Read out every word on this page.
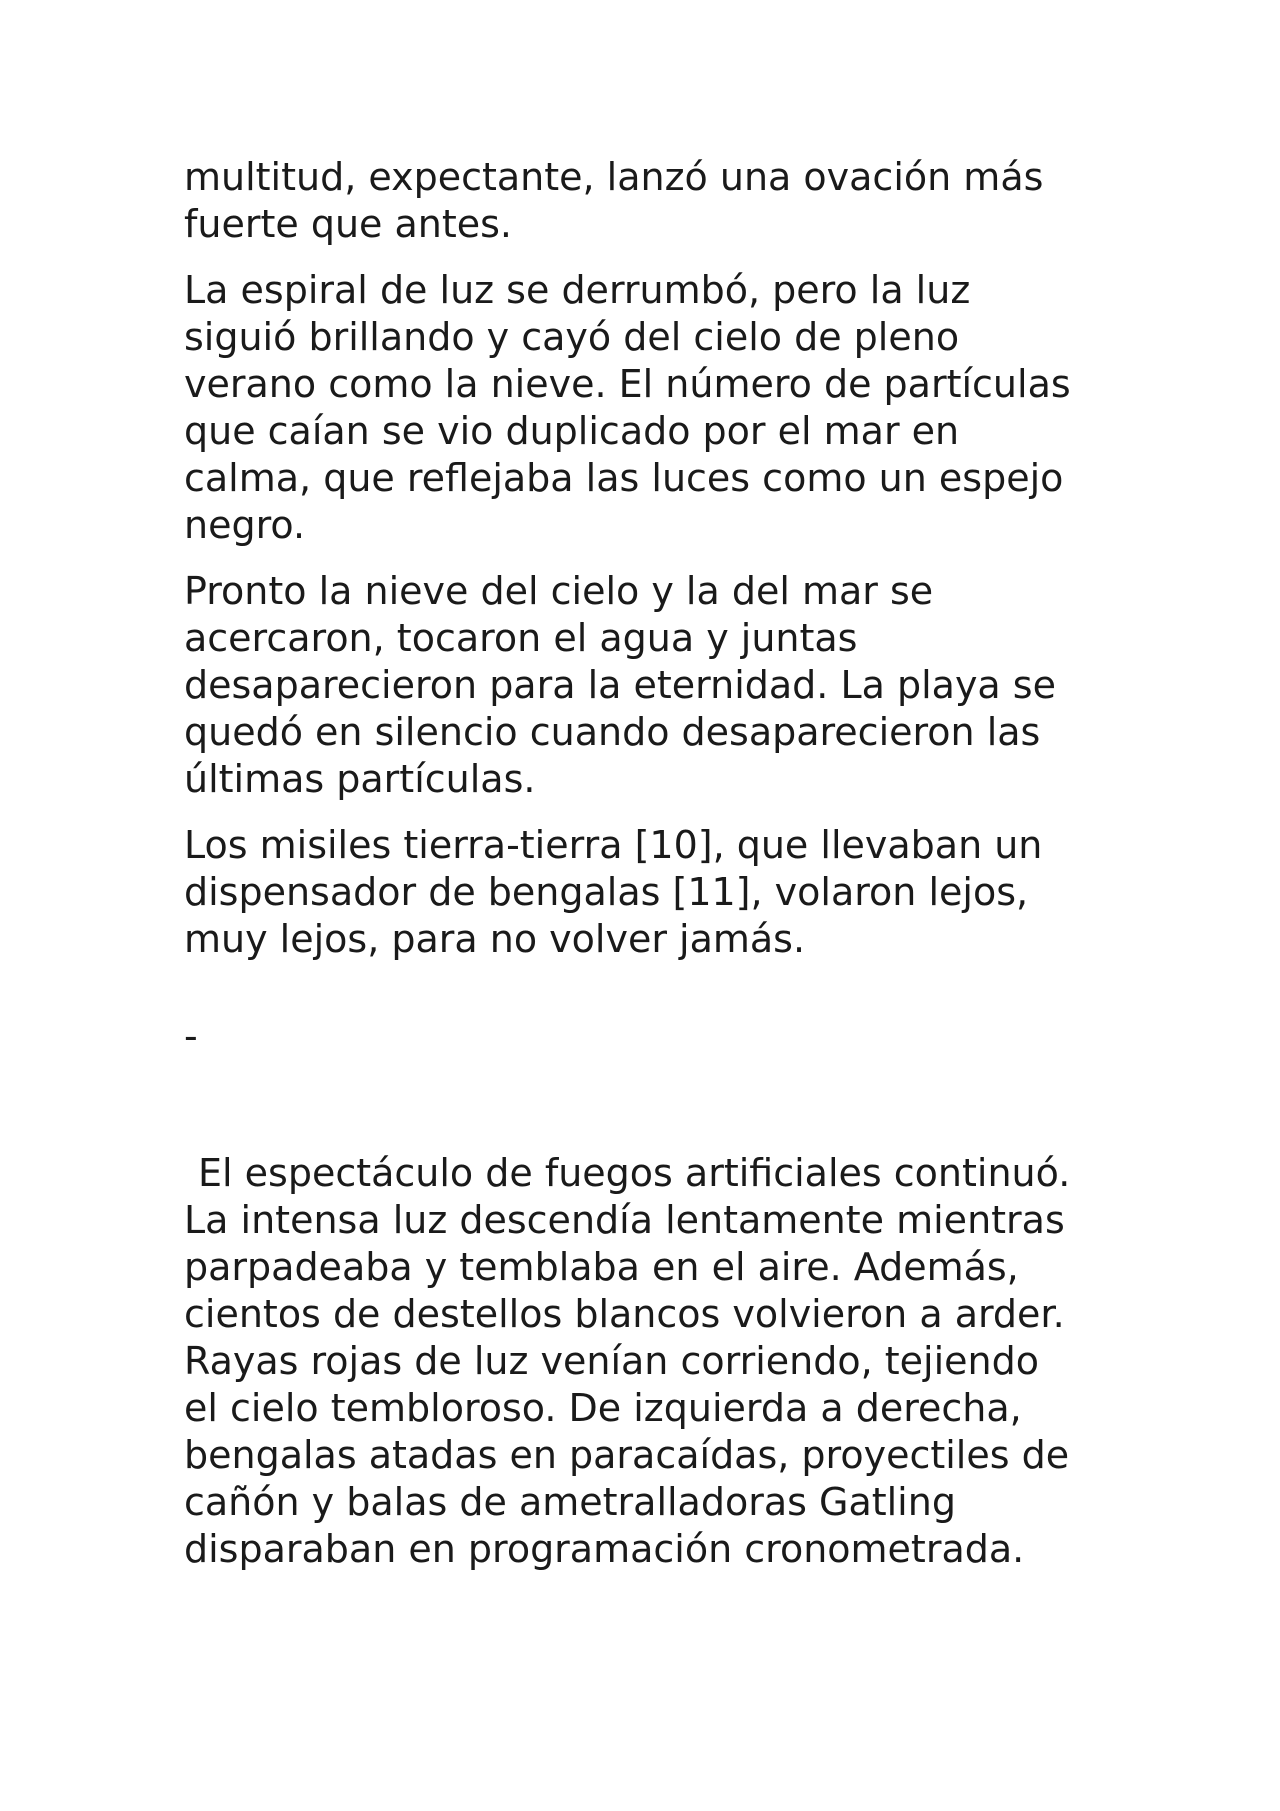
multitud, expectante, lanzó una ovación más
fuerte que antes.

La espiral de luz se derrumbó, pero la luz
siguió brillando y cayó del cielo de pleno
verano como la nieve. El número de partículas
que caían se vio duplicado por el mar en
calma, que reflejaba las luces como un espejo
negro.

Pronto la nieve del cielo y la del mar se
acercaron, tocaron el agua y juntas
desaparecieron para la eternidad. La playa se
quedó en silencio cuando desaparecieron las
últimas partículas.

Los misiles tierra-tierra [10], que llevaban un
dispensador de bengalas [11], volaron lejos,
muy lejos, para no volver jamás.

-

El espectáculo de fuegos artificiales continuó.
La intensa luz descendía lentamente mientras
parpadeaba y temblaba en el aire. Además,
cientos de destellos blancos volvieron a arder.
Rayas rojas de luz venían corriendo, tejiendo
el cielo tembloroso. De izquierda a derecha,
bengalas atadas en paracaídas, proyectiles de
cañón y balas de ametralladoras Gatling
disparaban en programación cronometrada.
